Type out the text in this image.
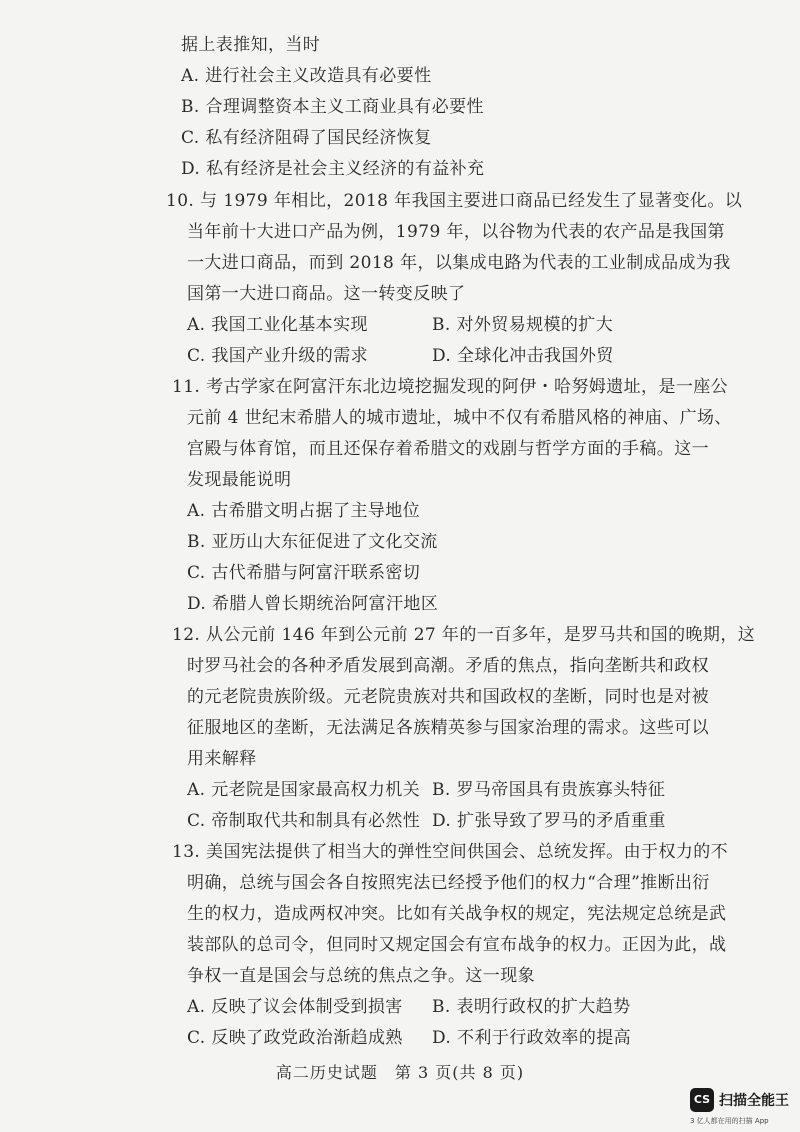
据上表推知，当时
A. 进行社会主义改造具有必要性
B. 合理调整资本主义工商业具有必要性
C. 私有经济阻碍了国民经济恢复
D. 私有经济是社会主义经济的有益补充
10. 与 1979 年相比，2018 年我国主要进口商品已经发生了显著变化。以
当年前十大进口产品为例，1979 年，以谷物为代表的农产品是我国第
一大进口商品，而到 2018 年，以集成电路为代表的工业制成品成为我
国第一大进口商品。这一转变反映了
A. 我国工业化基本实现	B. 对外贸易规模的扩大
C. 我国产业升级的需求	D. 全球化冲击我国外贸
11. 考古学家在阿富汗东北边境挖掘发现的阿伊・哈努姆遗址，是一座公
元前 4 世纪末希腊人的城市遗址，城中不仅有希腊风格的神庙、广场、
宫殿与体育馆，而且还保存着希腊文的戏剧与哲学方面的手稿。这一
发现最能说明
A. 古希腊文明占据了主导地位
B. 亚历山大东征促进了文化交流
C. 古代希腊与阿富汗联系密切
D. 希腊人曾长期统治阿富汗地区
12. 从公元前 146 年到公元前 27 年的一百多年，是罗马共和国的晚期，这
时罗马社会的各种矛盾发展到高潮。矛盾的焦点，指向垄断共和政权
的元老院贵族阶级。元老院贵族对共和国政权的垄断，同时也是对被
征服地区的垄断，无法满足各族精英参与国家治理的需求。这些可以
用来解释
A. 元老院是国家最高权力机关 B. 罗马帝国具有贵族寡头特征
C. 帝制取代共和制具有必然性 D. 扩张导致了罗马的矛盾重重
13. 美国宪法提供了相当大的弹性空间供国会、总统发挥。由于权力的不
明确，总统与国会各自按照宪法已经授予他们的权力“合理”推断出衍
生的权力，造成两权冲突。比如有关战争权的规定，宪法规定总统是武
装部队的总司令，但同时又规定国会有宣布战争的权力。正因为此，战
争权一直是国会与总统的焦点之争。这一现象
A. 反映了议会体制受到损害 B. 表明行政权的扩大趋势
C. 反映了政党政治渐趋成熟 D. 不利于行政效率的提高
高二历史试题　第 3 页(共 8 页)
CS 扫描全能王
3 亿人都在用的扫描 App
